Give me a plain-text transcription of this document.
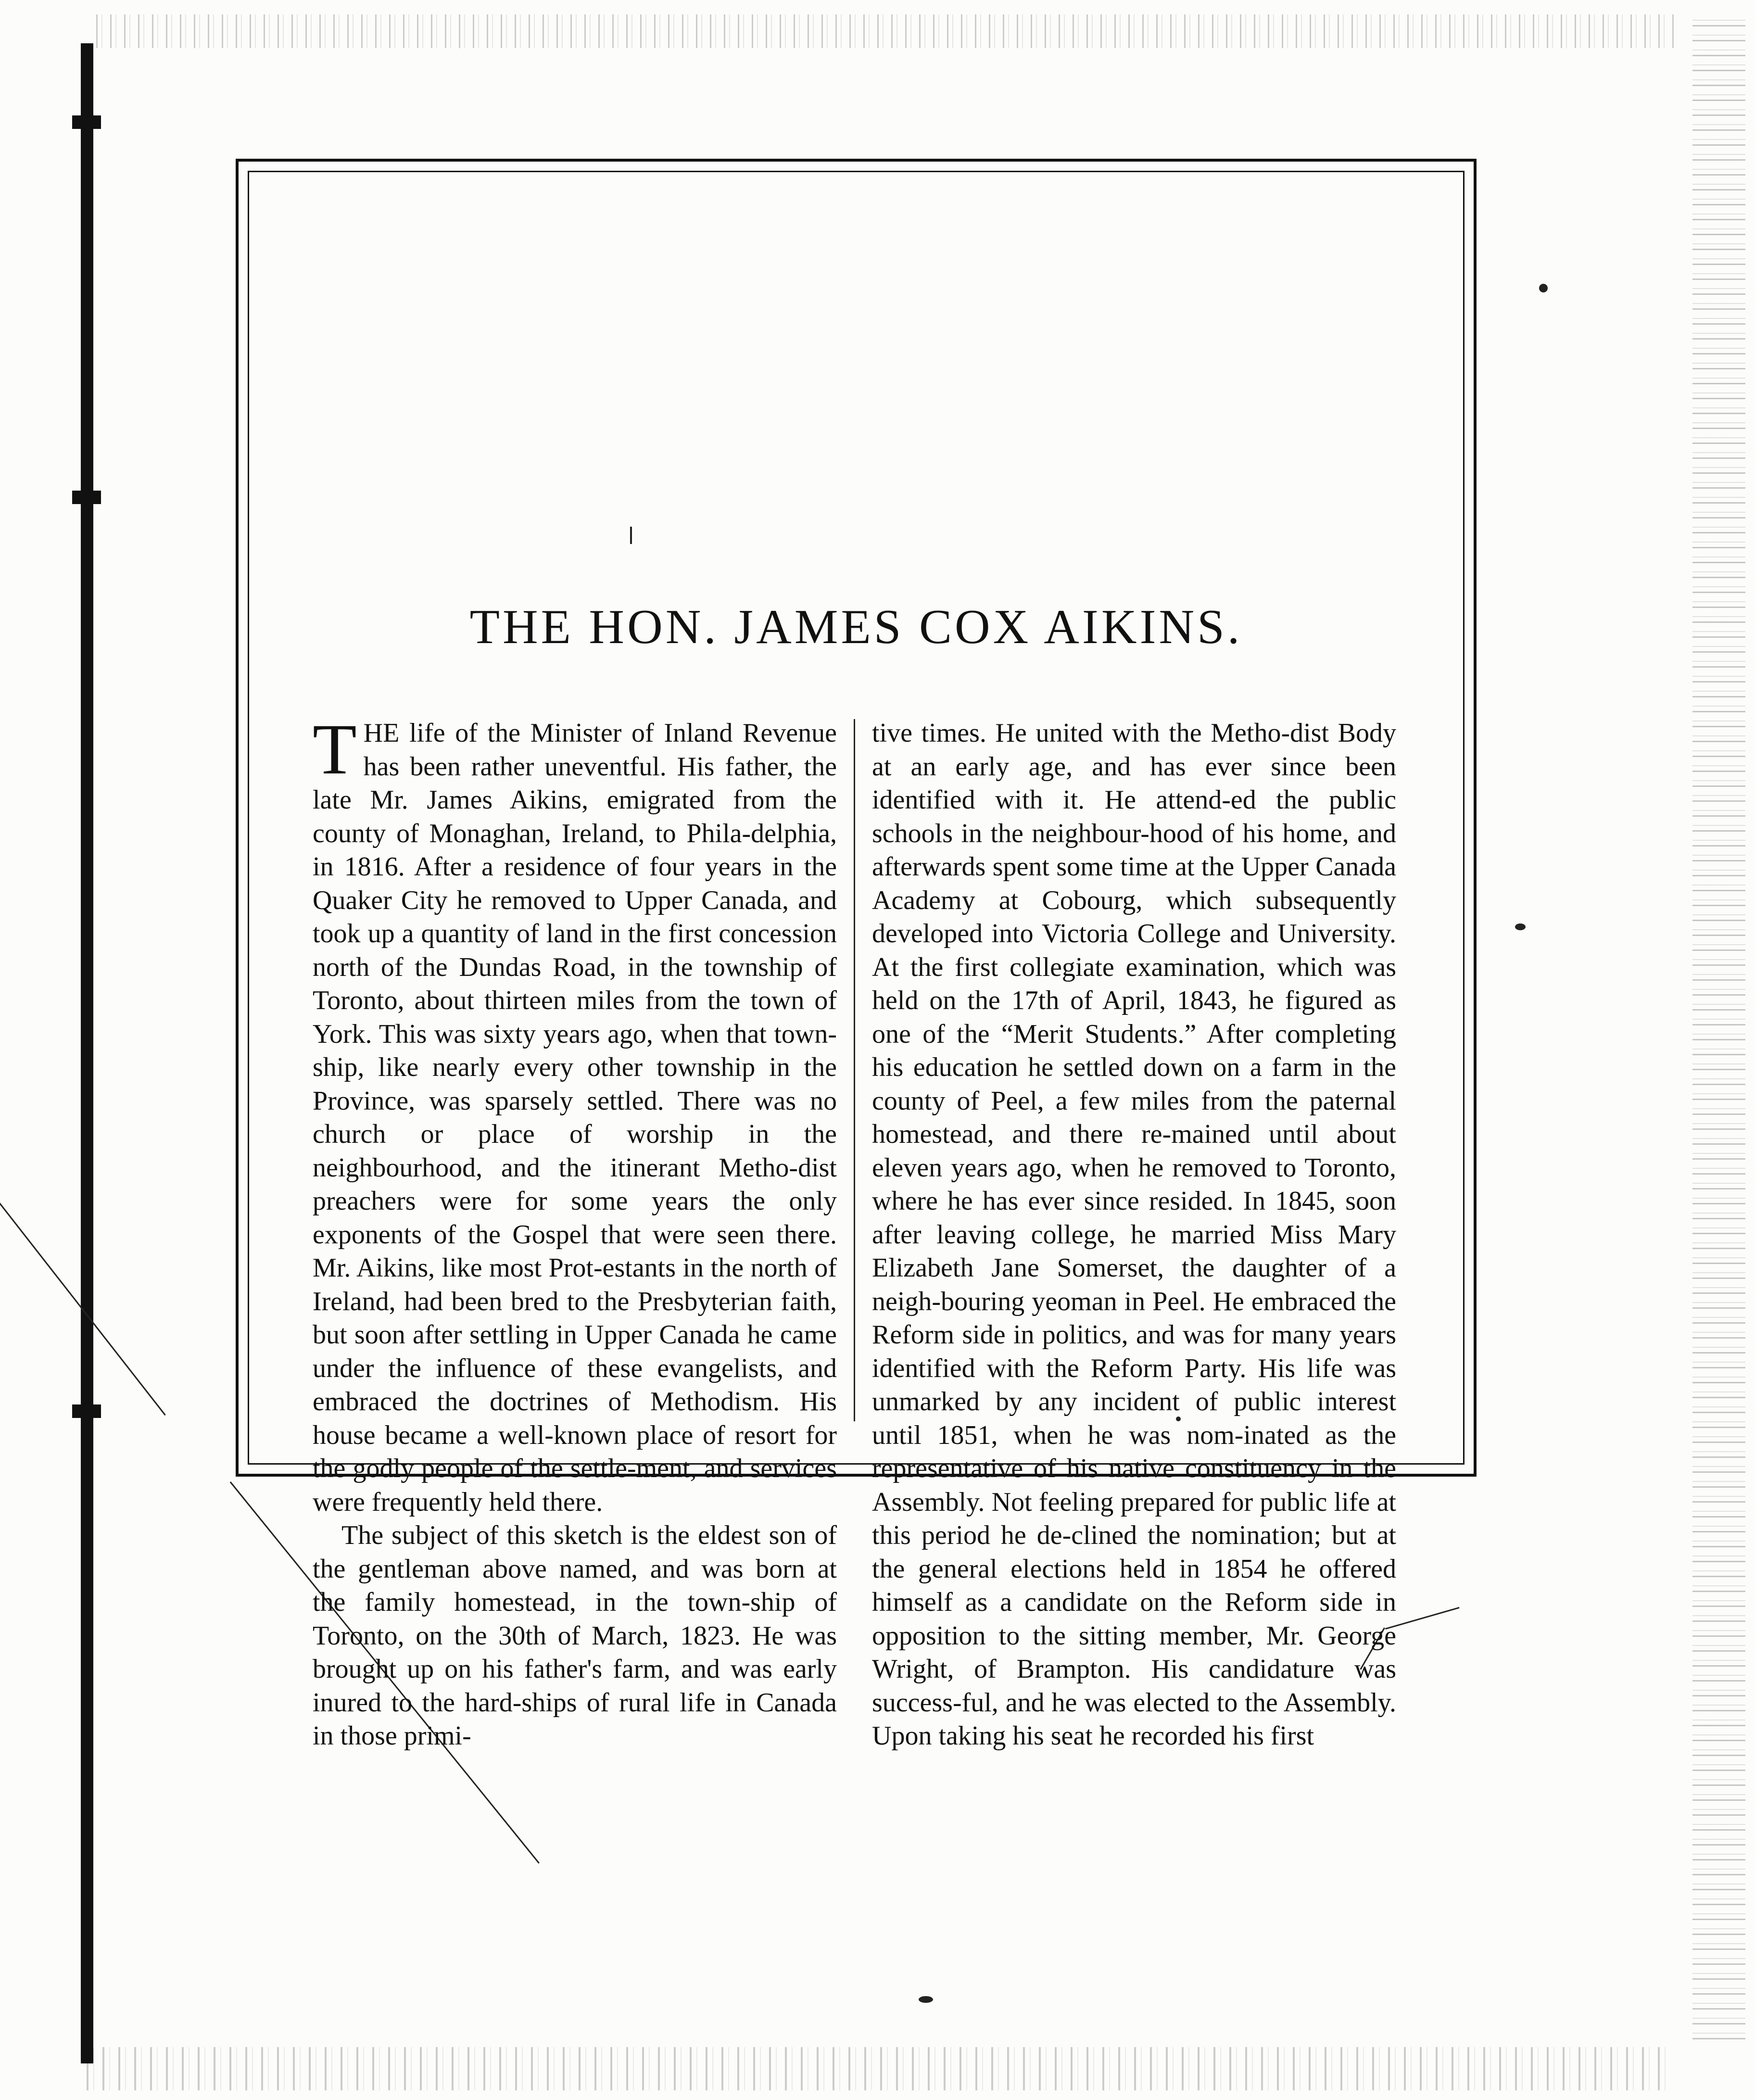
THE HON. JAMES COX AIKINS.

THE life of the Minister of Inland Revenue has been rather uneventful. His father, the late Mr. James Aikins, emigrated from the county of Monaghan, Ireland, to Phila-delphia, in 1816. After a residence of four years in the Quaker City he removed to Upper Canada, and took up a quantity of land in the first concession north of the Dundas Road, in the township of Toronto, about thirteen miles from the town of York. This was sixty years ago, when that town-ship, like nearly every other township in the Province, was sparsely settled. There was no church or place of worship in the neighbourhood, and the itinerant Metho-dist preachers were for some years the only exponents of the Gospel that were seen there. Mr. Aikins, like most Prot-estants in the north of Ireland, had been bred to the Presbyterian faith, but soon after settling in Upper Canada he came under the influence of these evangelists, and embraced the doctrines of Methodism. His house became a well-known place of resort for the godly people of the settle-ment, and services were frequently held there.

The subject of this sketch is the eldest son of the gentleman above named, and was born at the family homestead, in the town-ship of Toronto, on the 30th of March, 1823. He was brought up on his father's farm, and was early inured to the hard-ships of rural life in Canada in those primi-

tive times. He united with the Metho-dist Body at an early age, and has ever since been identified with it. He attend-ed the public schools in the neighbour-hood of his home, and afterwards spent some time at the Upper Canada Academy at Cobourg, which subsequently developed into Victoria College and University. At the first collegiate examination, which was held on the 17th of April, 1843, he figured as one of the “Merit Students.” After completing his education he settled down on a farm in the county of Peel, a few miles from the paternal homestead, and there re-mained until about eleven years ago, when he removed to Toronto, where he has ever since resided. In 1845, soon after leaving college, he married Miss Mary Elizabeth Jane Somerset, the daughter of a neigh-bouring yeoman in Peel. He embraced the Reform side in politics, and was for many years identified with the Reform Party. His life was unmarked by any incident of public interest until 1851, when he was nom-inated as the representative of his native constituency in the Assembly. Not feeling prepared for public life at this period he de-clined the nomination; but at the general elections held in 1854 he offered himself as a candidate on the Reform side in opposition to the sitting member, Mr. George Wright, of Brampton. His candidature was success-ful, and he was elected to the Assembly. Upon taking his seat he recorded his first
